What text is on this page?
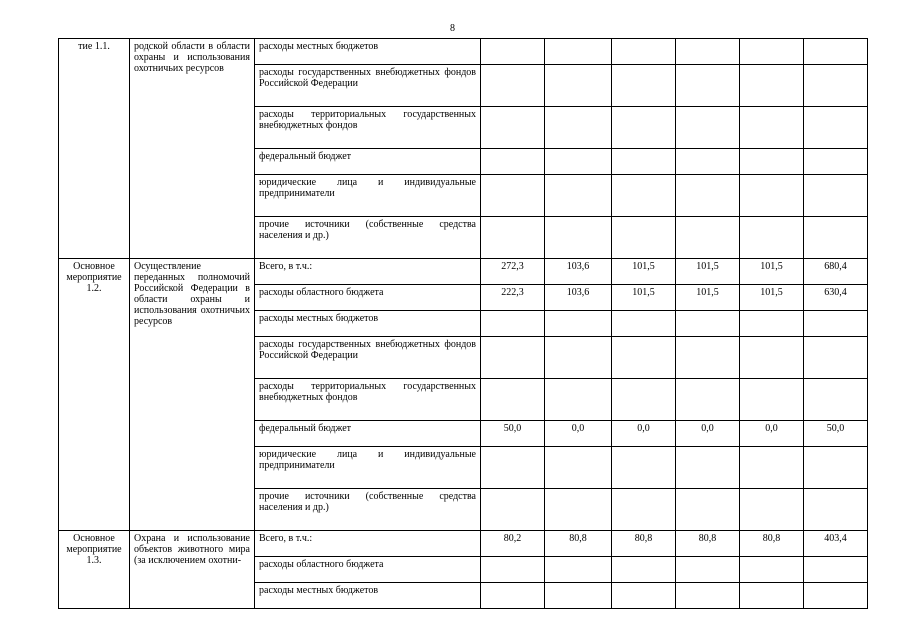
8
тие 1.1.	родской области в области охраны и использования охотничьих ресурсов	расходы местных бюджетов						
		расходы государственных внебюджетных фондов Российской Федерации						
		расходы территориальных государственных внебюджетных фондов						
		федеральный бюджет						
		юридические лица и индивидуальные предприниматели						
		прочие источники (собственные средства населения и др.)						
Основное мероприятие 1.2.	Осуществление переданных полномочий Российской Федерации в области охраны и использования охотничьих ресурсов	Всего, в т.ч.:	272,3	103,6	101,5	101,5	101,5	680,4
		расходы областного бюджета	222,3	103,6	101,5	101,5	101,5	630,4
		расходы местных бюджетов						
		расходы государственных внебюджетных фондов Российской Федерации						
		расходы территориальных государственных внебюджетных фондов						
		федеральный бюджет	50,0	0,0	0,0	0,0	0,0	50,0
		юридические лица и индивидуальные предприниматели						
		прочие источники (собственные средства населения и др.)						
Основное мероприятие 1.3.	Охрана и использование объектов животного мира (за исключением охотни-	Всего, в т.ч.:	80,2	80,8	80,8	80,8	80,8	403,4
		расходы областного бюджета						
		расходы местных бюджетов						
